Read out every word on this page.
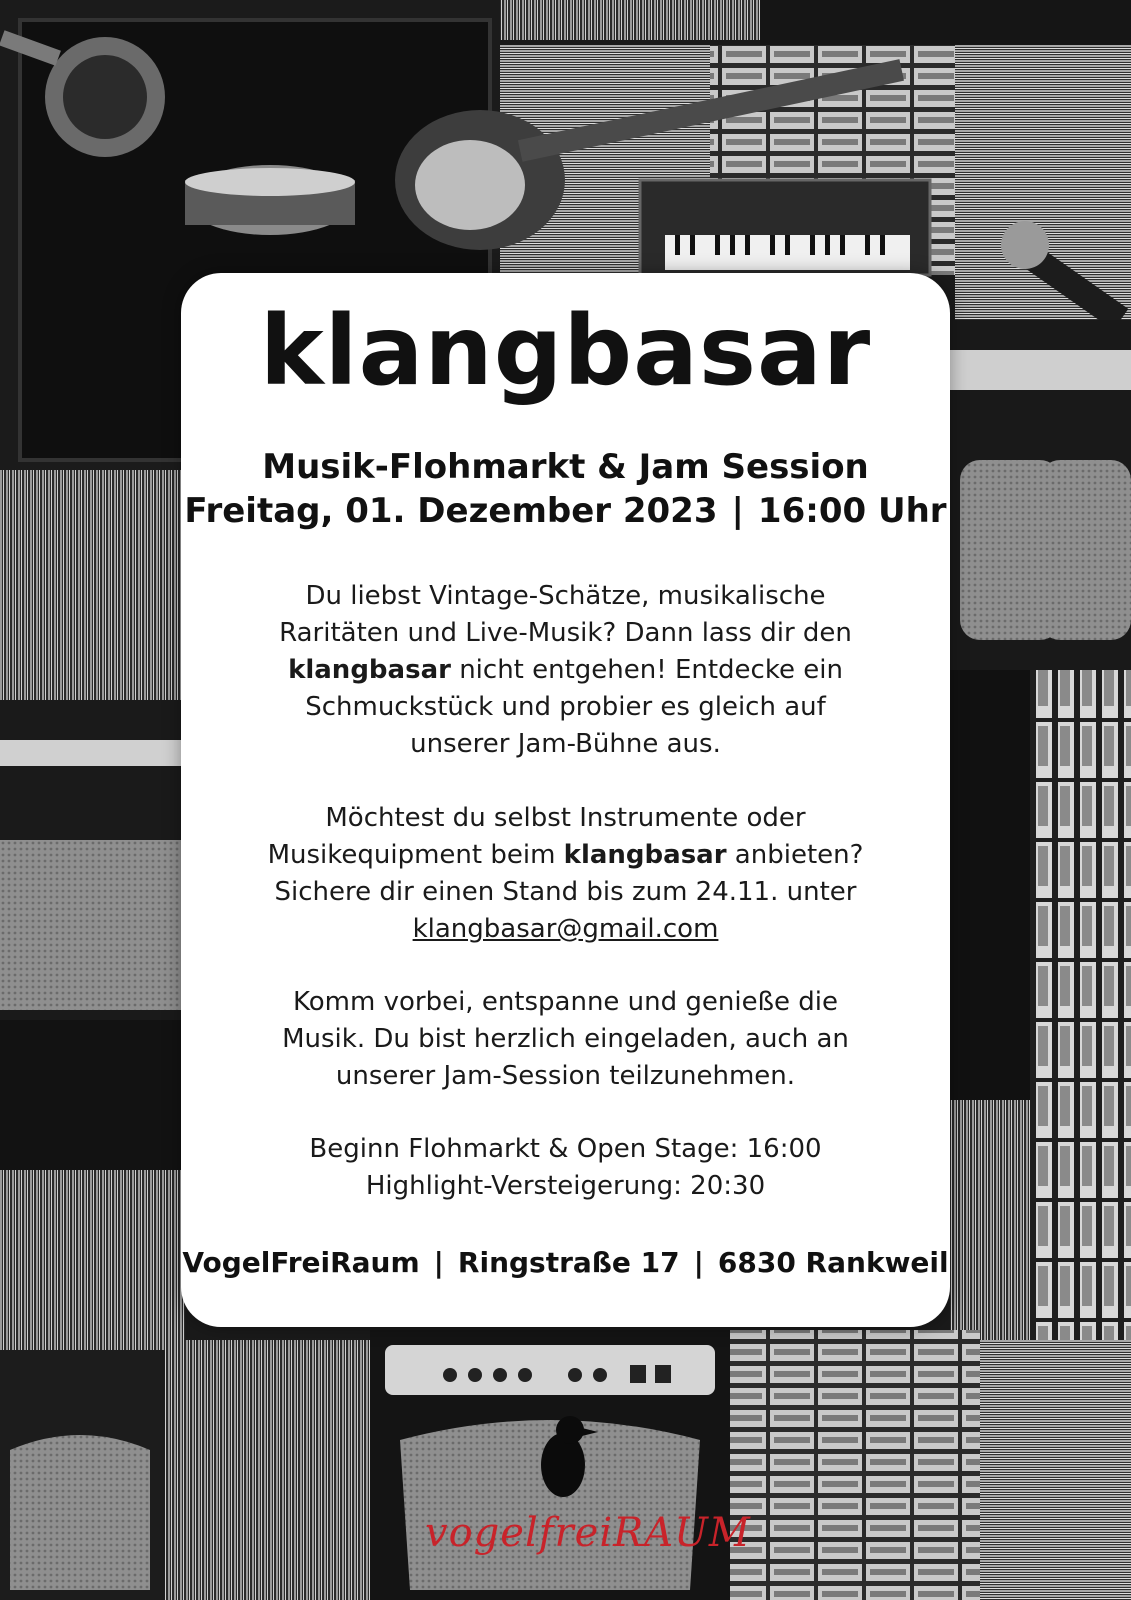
vogelfreiRAUM
klangbasar
Musik-Flohmarkt & Jam Session
Freitag, 01. Dezember 2023 | 16:00 Uhr
Du liebst Vintage-Schätze, musikalische
Raritäten und Live-Musik? Dann lass dir den
klangbasar nicht entgehen! Entdecke ein
Schmuckstück und probier es gleich auf
unserer Jam-Bühne aus.
Möchtest du selbst Instrumente oder
Musikequipment beim klangbasar anbieten?
Sichere dir einen Stand bis zum 24.11. unter
klangbasar@gmail.com
Komm vorbei, entspanne und genieße die
Musik. Du bist herzlich eingeladen, auch an
unserer Jam-Session teilzunehmen.
Beginn Flohmarkt & Open Stage: 16:00
Highlight-Versteigerung: 20:30
VogelFreiRaum | Ringstraße 17 | 6830 Rankweil
